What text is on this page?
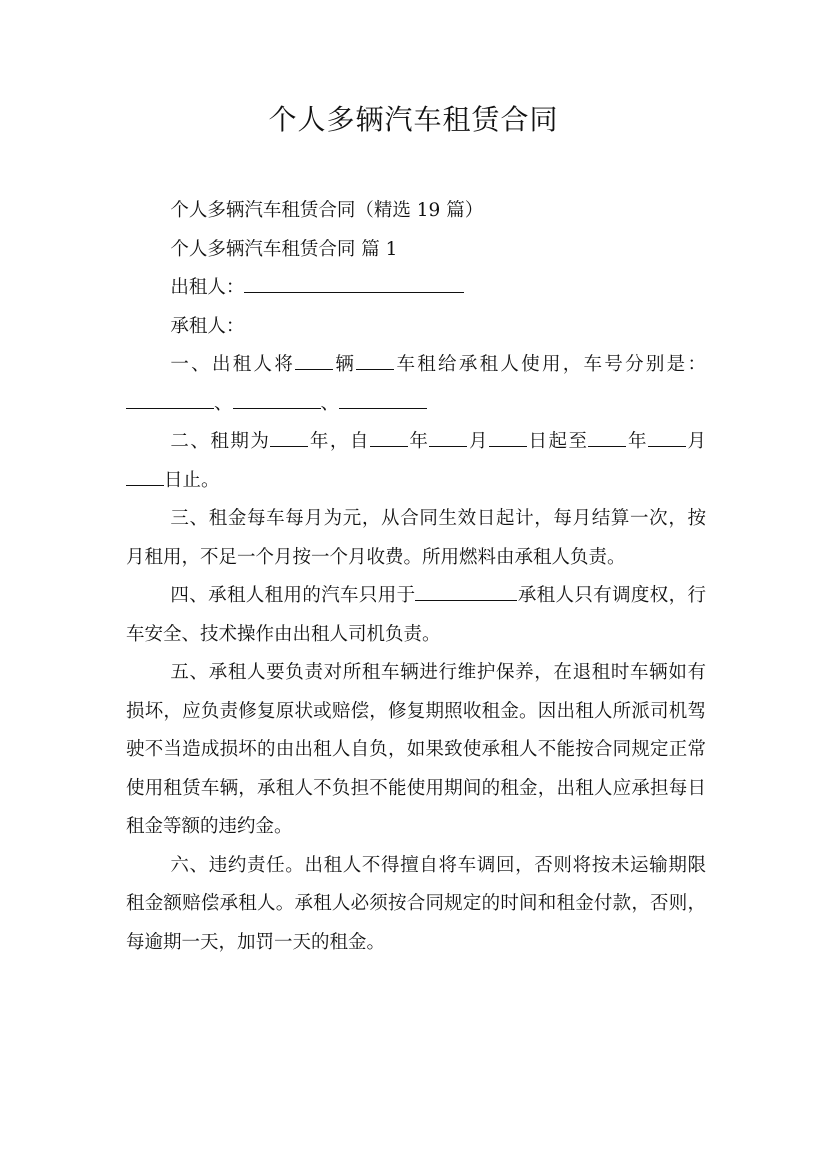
个人多辆汽车租赁合同

个人多辆汽车租赁合同（精选 19 篇）

个人多辆汽车租赁合同 篇 1

出租人：

承租人：

一、出租人将 辆 车租给承租人使用，车号分别是：、	、

二、租期为 年，自 年 月 日起至 年 月日止。

三、租金每车每月为元，从合同生效日起计，每月结算一次，按月租用，不足一个月按一个月收费。所用燃料由承租人负责。

四、承租人租用的汽车只用于	承租人只有调度权，行车安全、技术操作由出租人司机负责。

五、承租人要负责对所租车辆进行维护保养，在退租时车辆如有损坏，应负责修复原状或赔偿，修复期照收租金。因出租人所派司机驾驶不当造成损坏的由出租人自负，如果致使承租人不能按合同规定正常使用租赁车辆，承租人不负担不能使用期间的租金，出租人应承担每日租金等额的违约金。

六、违约责任。出租人不得擅自将车调回，否则将按未运输期限租金额赔偿承租人。承租人必须按合同规定的时间和租金付款，否则，每逾期一天，加罚一天的租金。
